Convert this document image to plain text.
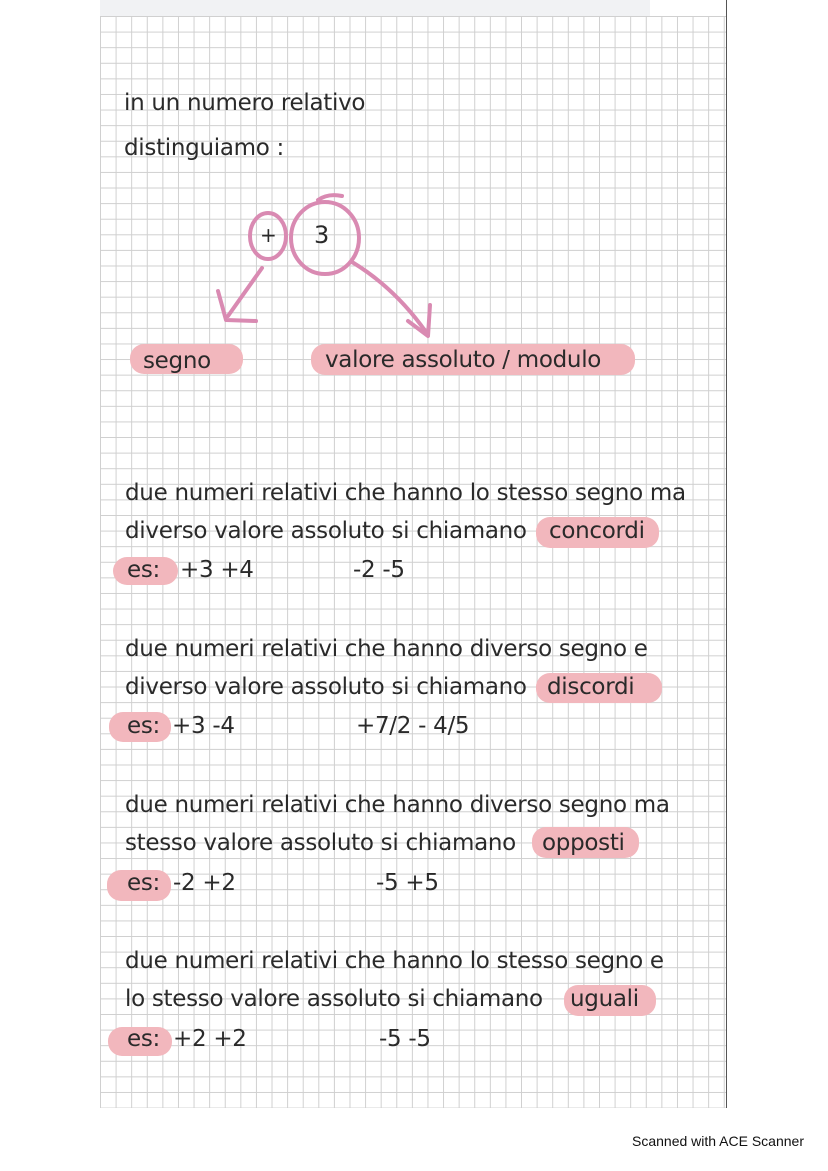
in un numero relativo
distinguiamo :
+ 3
segno	valore assoluto / modulo
due numeri relativi che hanno lo stesso segno ma
diverso valore assoluto si chiamano concordi
es: +3 +4	-2 -5
due numeri relativi che hanno diverso segno e
diverso valore assoluto si chiamano discordi
es: +3 -4	+7/2 - 4/5
due numeri relativi che hanno diverso segno ma
stesso valore assoluto si chiamano opposti
es: -2 +2	-5 +5
due numeri relativi che hanno lo stesso segno e
lo stesso valore assoluto si chiamano uguali
es: +2 +2	-5 -5
Scanned with ACE Scanner
